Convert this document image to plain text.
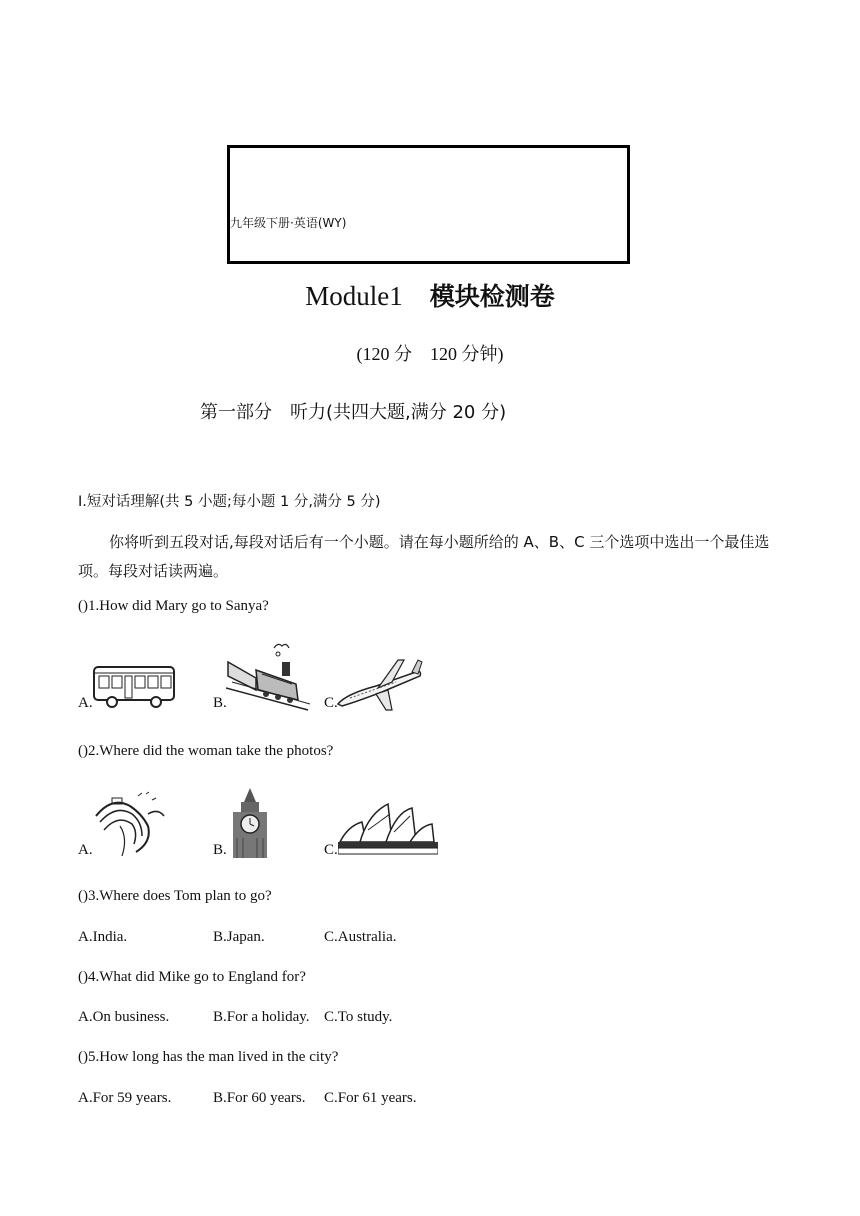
九年级下册·英语(WY)
Module1　 模块检测卷
(120 分　120 分钟)
第一部分　听力(共四大题,满分 20 分)
Ⅰ.短对话理解(共 5 小题;每小题 1 分,满分 5 分)
你将听到五段对话,每段对话后有一个小题。请在每小题所给的 A、B、C 三个选项中选出一个最佳选项。每段对话读两遍。
()1.How did Mary go to Sanya?
A.	B.	C.
()2.Where did the woman take the photos?
A.	B.	C.
()3.Where does Tom plan to go?
A.India.	B.Japan.	C.Australia.
()4.What did Mike go to England for?
A.On business.	B.For a holiday. C.To study.
()5.How long has the man lived in the city?
A.For 59 years.	B.For 60 years. C.For 61 years.
